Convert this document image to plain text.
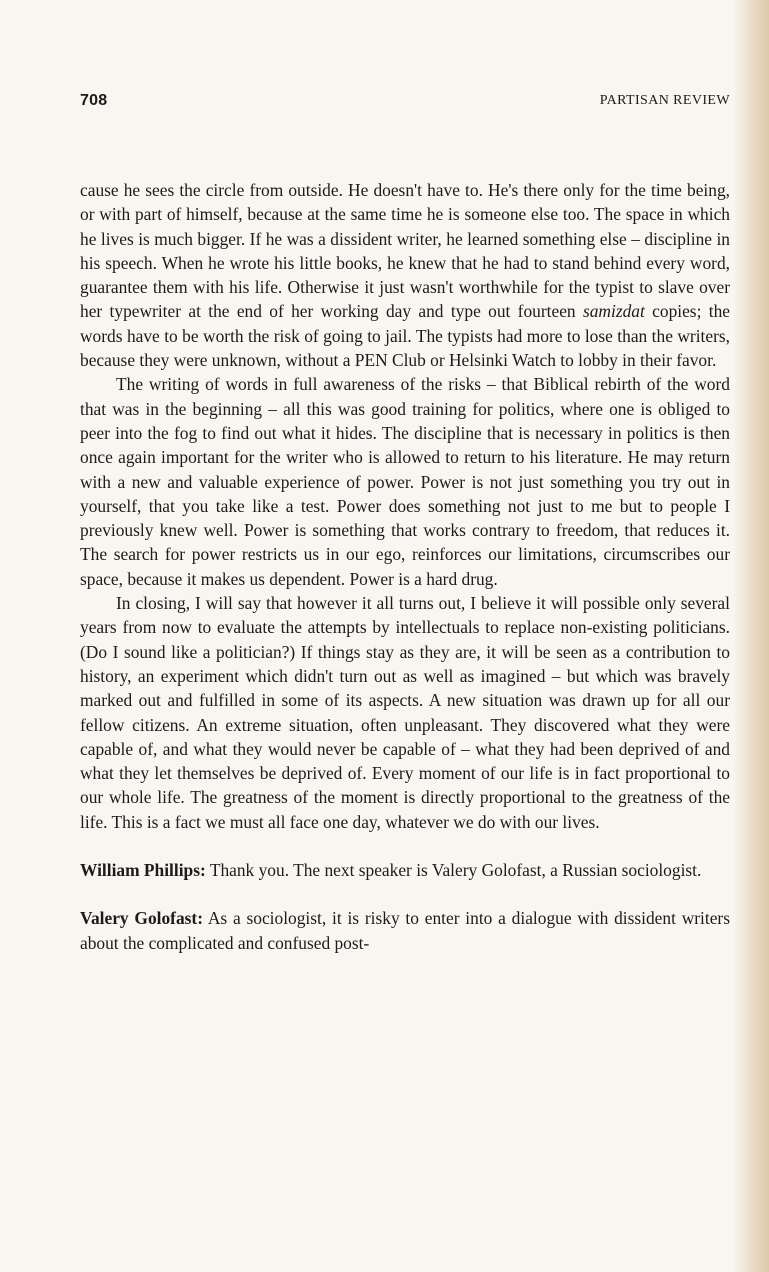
708	PARTISAN REVIEW

cause he sees the circle from outside. He doesn't have to. He's there only for the time being, or with part of himself, because at the same time he is someone else too. The space in which he lives is much bigger. If he was a dissident writer, he learned something else – discipline in his speech. When he wrote his little books, he knew that he had to stand behind every word, guarantee them with his life. Otherwise it just wasn't worthwhile for the typist to slave over her typewriter at the end of her working day and type out fourteen samizdat copies; the words have to be worth the risk of going to jail. The typists had more to lose than the writers, because they were unknown, without a PEN Club or Helsinki Watch to lobby in their favor.

The writing of words in full awareness of the risks – that Biblical rebirth of the word that was in the beginning – all this was good training for politics, where one is obliged to peer into the fog to find out what it hides. The discipline that is necessary in politics is then once again important for the writer who is allowed to return to his literature. He may return with a new and valuable experience of power. Power is not just something you try out in yourself, that you take like a test. Power does something not just to me but to people I previously knew well. Power is something that works contrary to freedom, that reduces it. The search for power restricts us in our ego, reinforces our limitations, circumscribes our space, because it makes us dependent. Power is a hard drug.

In closing, I will say that however it all turns out, I believe it will possible only several years from now to evaluate the attempts by intellectuals to replace non-existing politicians. (Do I sound like a politician?) If things stay as they are, it will be seen as a contribution to history, an experiment which didn't turn out as well as imagined – but which was bravely marked out and fulfilled in some of its aspects. A new situation was drawn up for all our fellow citizens. An extreme situation, often unpleasant. They discovered what they were capable of, and what they would never be capable of – what they had been deprived of and what they let themselves be deprived of. Every moment of our life is in fact proportional to our whole life. The greatness of the moment is directly proportional to the greatness of the life. This is a fact we must all face one day, whatever we do with our lives.

William Phillips: Thank you. The next speaker is Valery Golofast, a Russian sociologist.

Valery Golofast: As a sociologist, it is risky to enter into a dialogue with dissident writers about the complicated and confused post-
